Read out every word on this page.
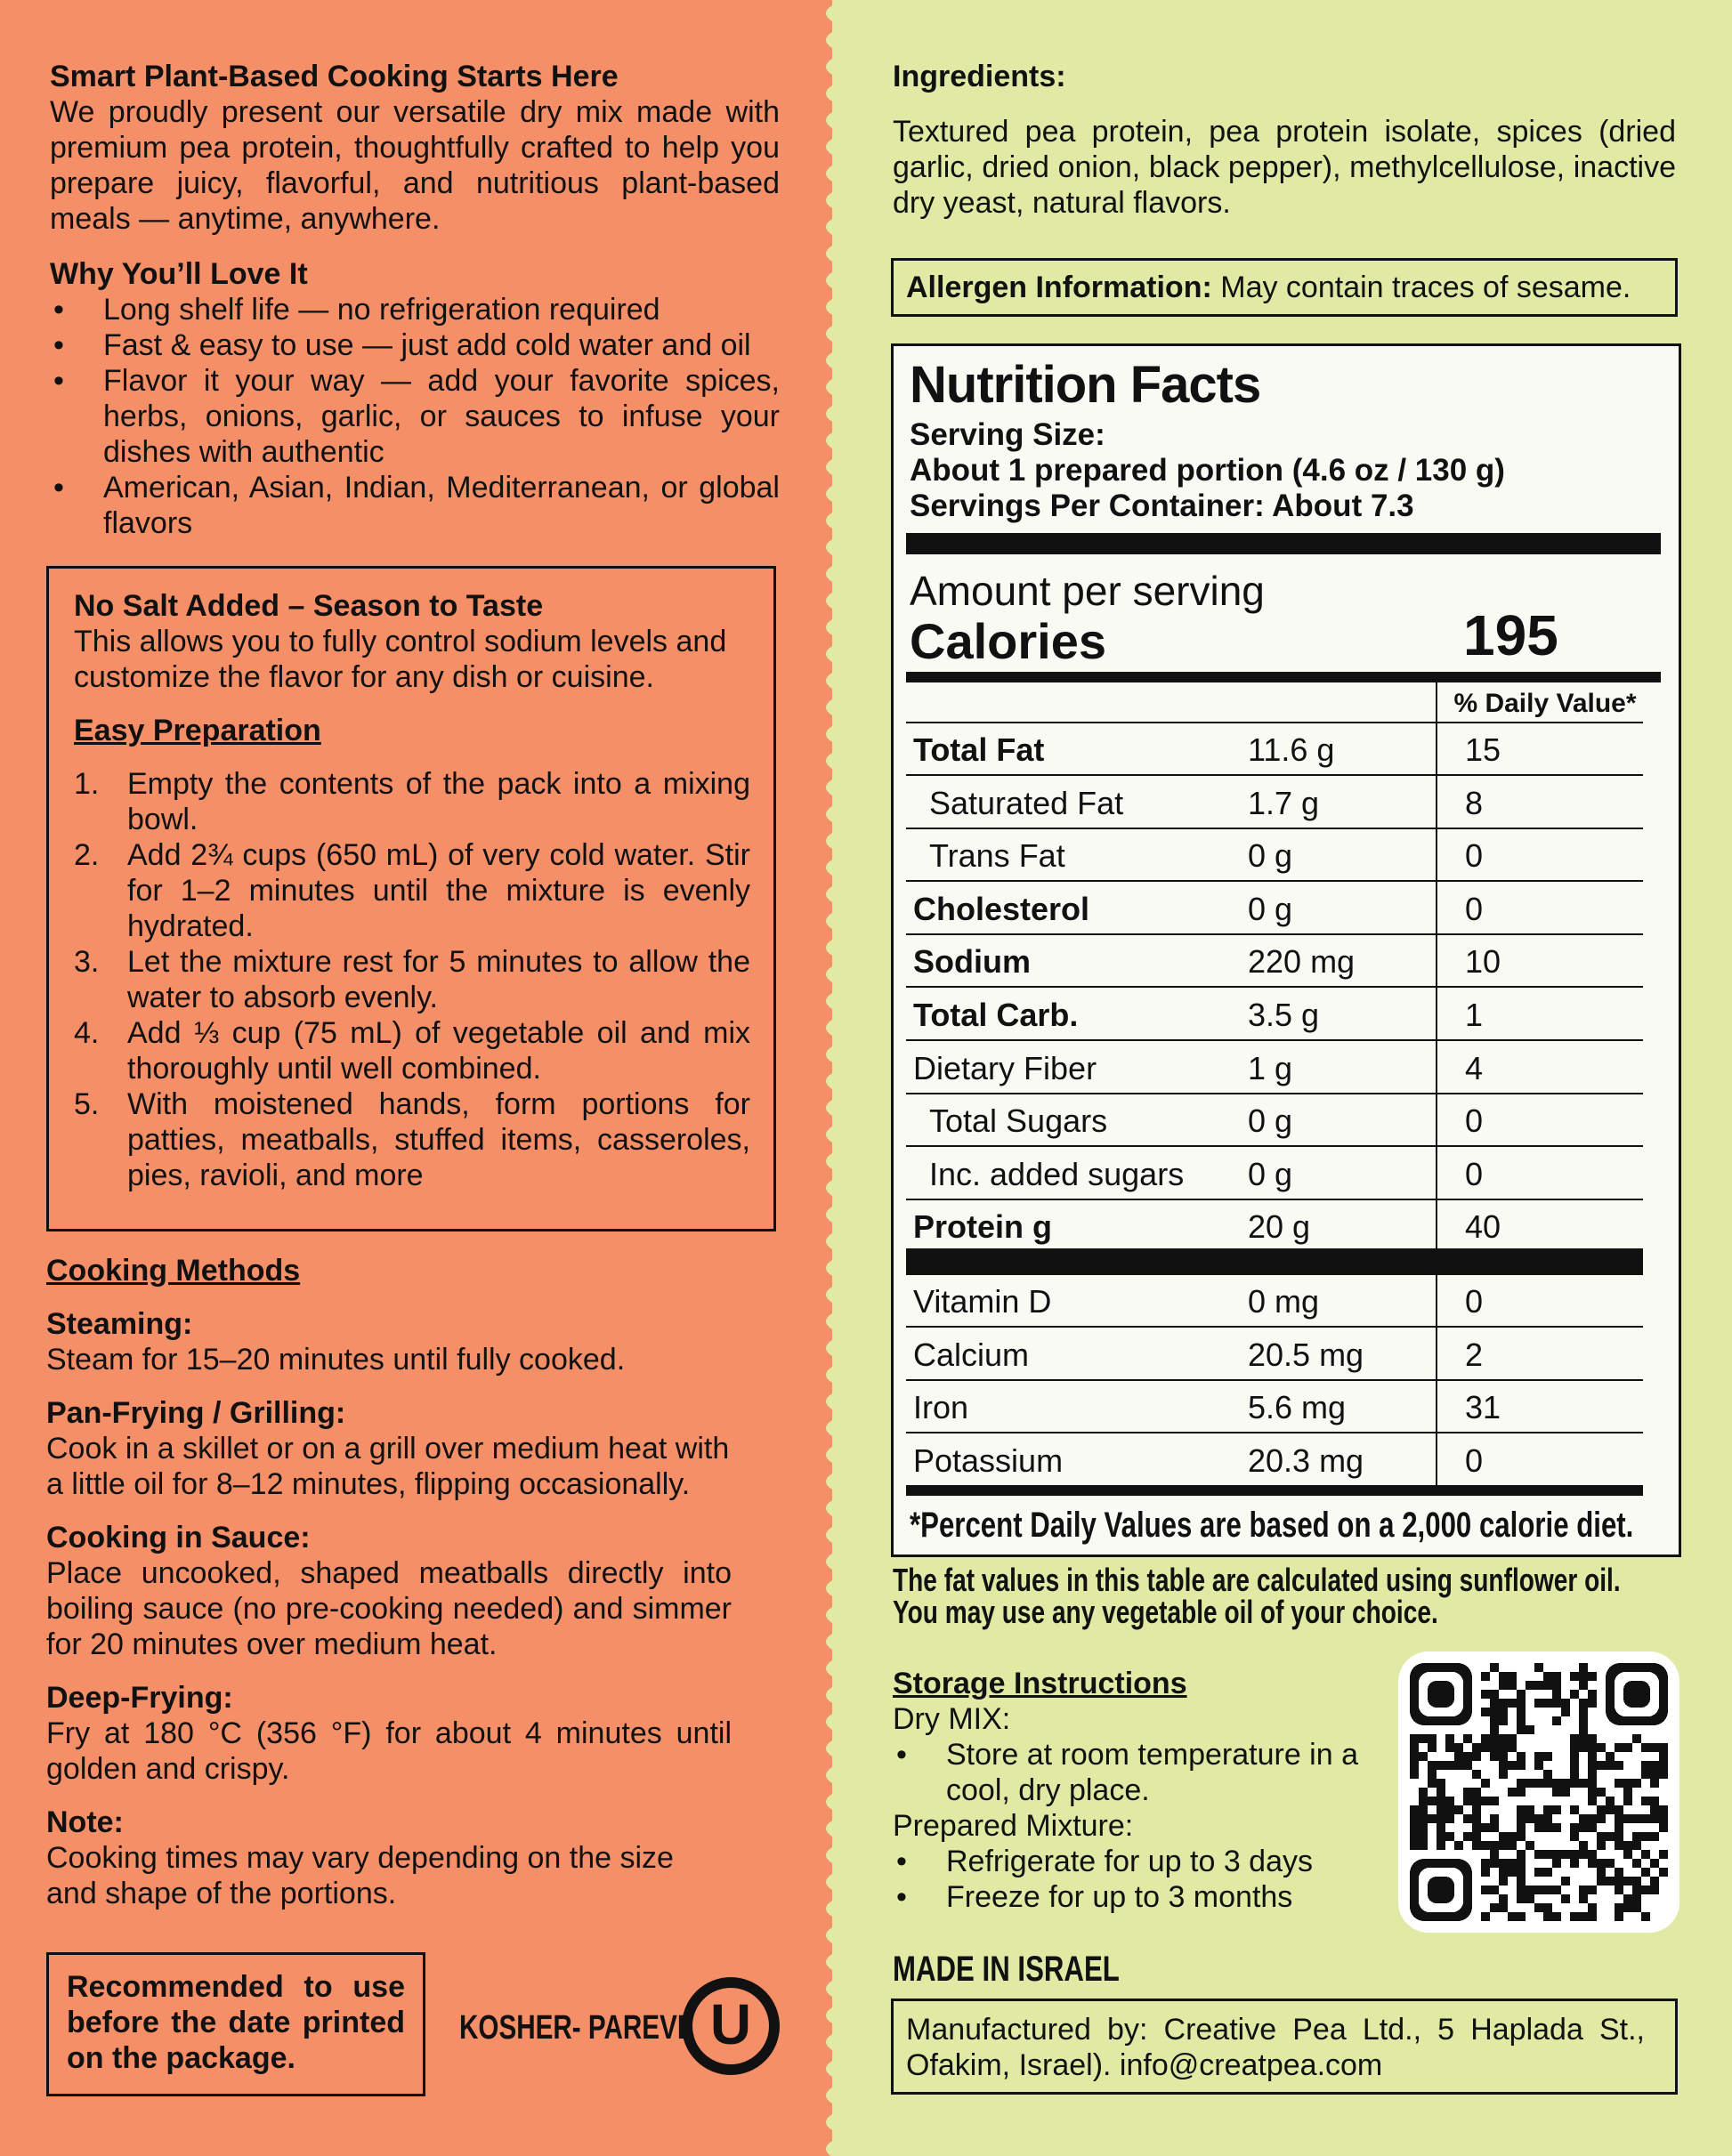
Smart Plant-Based Cooking Starts Here
We proudly present our versatile dry mix made with premium pea protein, thoughtfully crafted to help you prepare juicy, flavorful, and nutritious plant-based meals — anytime, anywhere.
Why You’ll Love It
• Long shelf life — no refrigeration required
• Fast & easy to use — just add cold water and oil
• Flavor it your way — add your favorite spices, herbs, onions, garlic, or sauces to infuse your dishes with authentic
• American, Asian, Indian, Mediterranean, or global flavors
No Salt Added – Season to Taste
This allows you to fully control sodium levels and customize the flavor for any dish or cuisine.
Easy Preparation
1. Empty the contents of the pack into a mixing bowl.
2. Add 2¾ cups (650 mL) of very cold water. Stir for 1–2 minutes until the mixture is evenly hydrated.
3. Let the mixture rest for 5 minutes to allow the water to absorb evenly.
4. Add ⅓ cup (75 mL) of vegetable oil and mix thoroughly until well combined.
5. With moistened hands, form portions for patties, meatballs, stuffed items, casseroles, pies, ravioli, and more
Cooking Methods
Steaming:
Steam for 15–20 minutes until fully cooked.
Pan-Frying / Grilling:
Cook in a skillet or on a grill over medium heat with a little oil for 8–12 minutes, flipping occasionally.
Cooking in Sauce:
Place uncooked, shaped meatballs directly into boiling sauce (no pre-cooking needed) and simmer for 20 minutes over medium heat.
Deep-Frying:
Fry at 180 °C (356 °F) for about 4 minutes until golden and crispy.
Note:
Cooking times may vary depending on the size and shape of the portions.
Recommended to use before the date printed on the package.
KOSHER- PAREVE U
Ingredients:
Textured pea protein, pea protein isolate, spices (dried garlic, dried onion, black pepper), methylcellulose, inactive dry yeast, natural flavors.
Allergen Information: May contain traces of sesame.
Nutrition Facts
Serving Size:
About 1 prepared portion (4.6 oz / 130 g)
Servings Per Container: About 7.3
Amount per serving
Calories	195
% Daily Value*
Total Fat	11.6 g	15
Saturated Fat	1.7 g	8
Trans Fat	0 g	0
Cholesterol	0 g	0
Sodium	220 mg	10
Total Carb.	3.5 g	1
Dietary Fiber	1 g	4
Total Sugars	0 g	0
Inc. added sugars 0 g	0
Protein g	20 g	40
Vitamin D	0 mg	0
Calcium	20.5 mg	2
Iron	5.6 mg	31
Potassium	20.3 mg	0
*Percent Daily Values are based on a 2,000 calorie diet.
The fat values in this table are calculated using sunflower oil. You may use any vegetable oil of your choice.
Storage Instructions
Dry MIX:
• Store at room temperature in a cool, dry place.
Prepared Mixture:
• Refrigerate for up to 3 days
• Freeze for up to 3 months
MADE IN ISRAEL
Manufactured by: Creative Pea Ltd., 5 Haplada St., Ofakim, Israel). info@creatpea.com
